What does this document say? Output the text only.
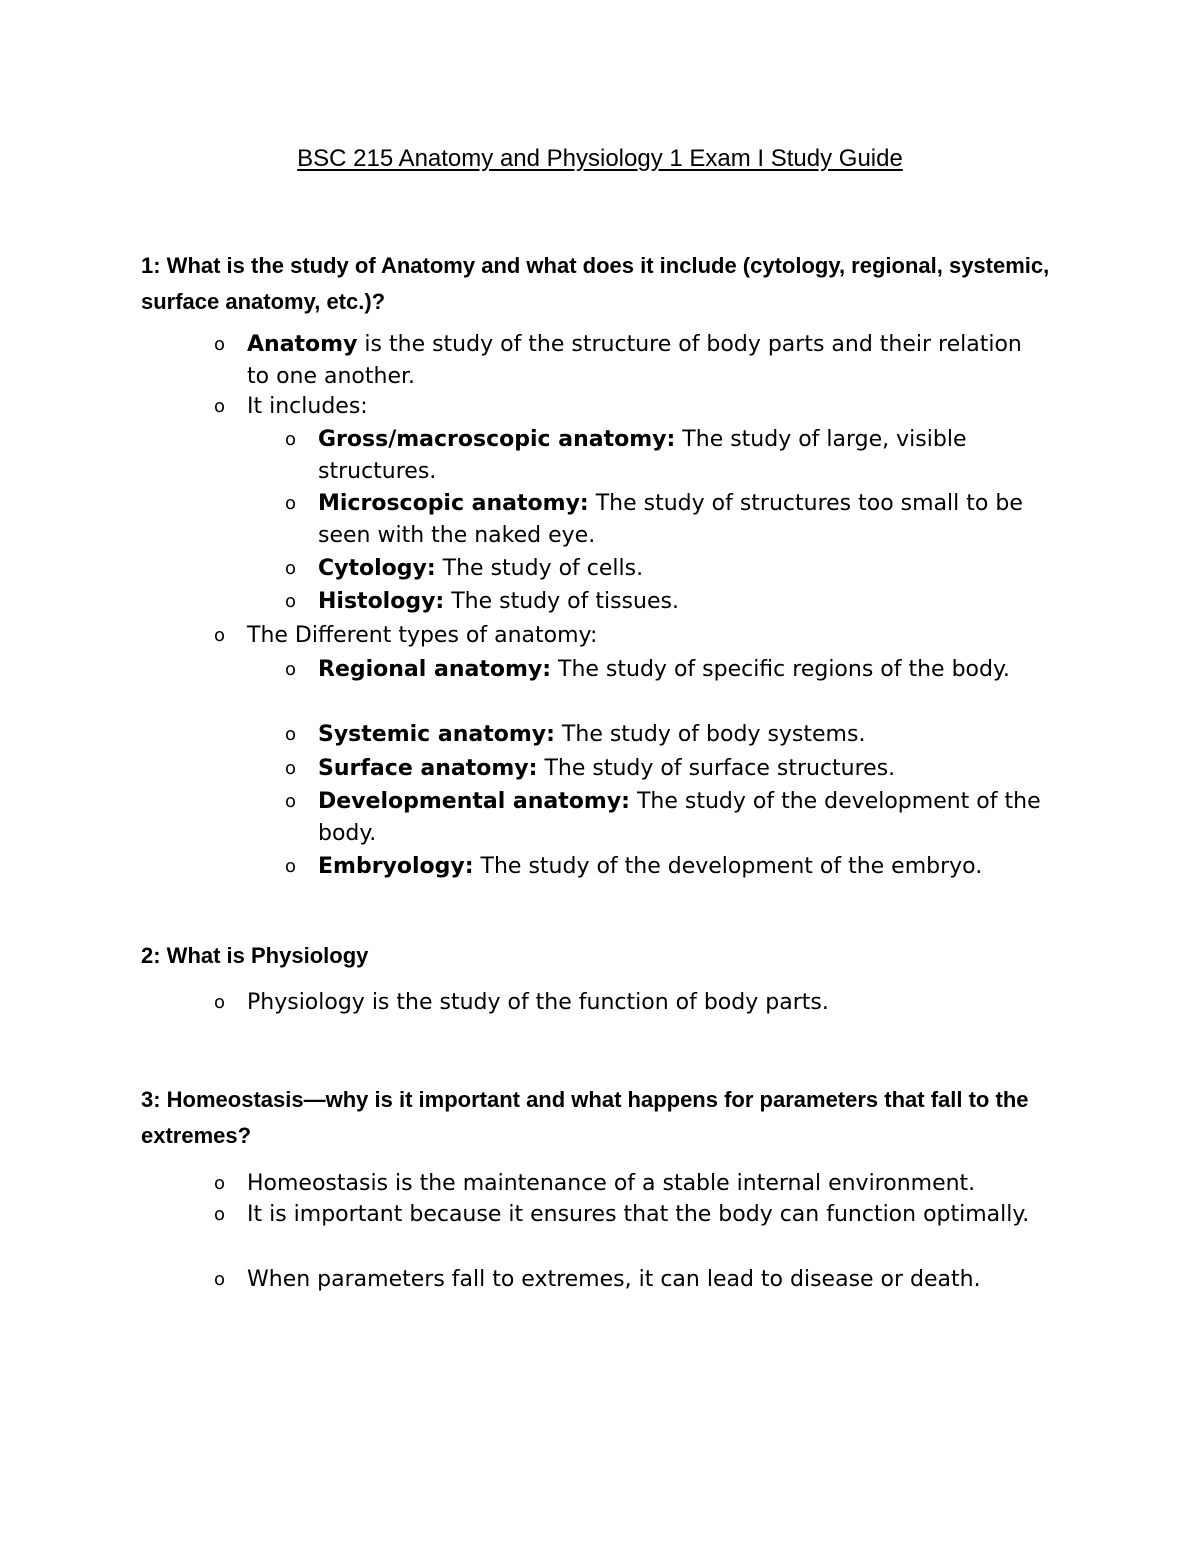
BSC 215 Anatomy and Physiology 1 Exam I Study Guide
1: What is the study of Anatomy and what does it include (cytology, regional, systemic, surface anatomy, etc.)?
o Anatomy is the study of the structure of body parts and their relation to one another.
o It includes:
o Gross/macroscopic anatomy: The study of large, visible structures.
o Microscopic anatomy: The study of structures too small to be seen with the naked eye.
o Cytology: The study of cells.
o Histology: The study of tissues.
o The Different types of anatomy:
o Regional anatomy: The study of specific regions of the body.
o Systemic anatomy: The study of body systems.
o Surface anatomy: The study of surface structures.
o Developmental anatomy: The study of the development of the body.
o Embryology: The study of the development of the embryo.
2: What is Physiology
o Physiology is the study of the function of body parts.
3: Homeostasis—why is it important and what happens for parameters that fall to the extremes?
o Homeostasis is the maintenance of a stable internal environment.
o It is important because it ensures that the body can function optimally.
o When parameters fall to extremes, it can lead to disease or death.
